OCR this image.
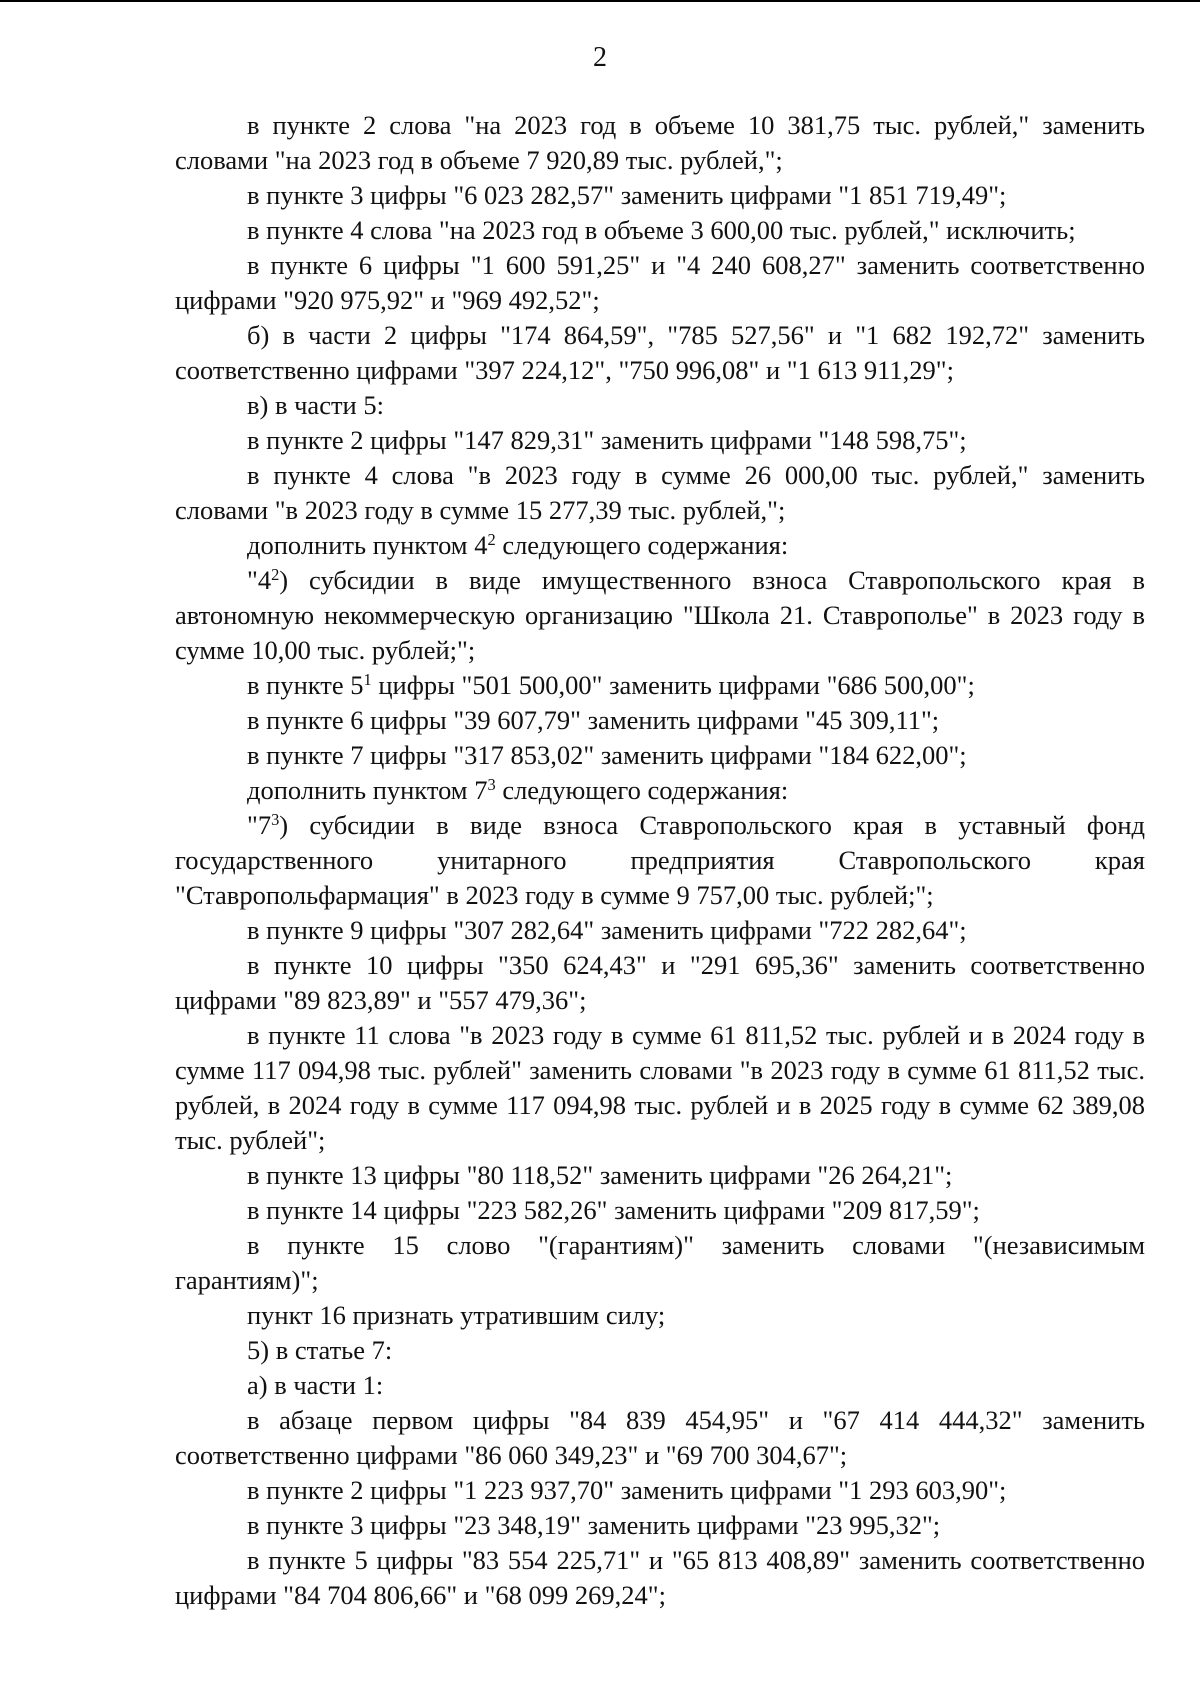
2

в пункте 2 слова "на 2023 год в объеме 10 381,75 тыс. рублей," заменить словами "на 2023 год в объеме 7 920,89 тыс. рублей,";

в пункте 3 цифры "6 023 282,57" заменить цифрами "1 851 719,49";

в пункте 4 слова "на 2023 год в объеме 3 600,00 тыс. рублей," исключить;

в пункте 6 цифры "1 600 591,25" и "4 240 608,27" заменить соответственно цифрами "920 975,92" и "969 492,52";

б) в части 2 цифры "174 864,59", "785 527,56" и "1 682 192,72" заменить соответственно цифрами "397 224,12", "750 996,08" и "1 613 911,29";

в) в части 5:

в пункте 2 цифры "147 829,31" заменить цифрами "148 598,75";

в пункте 4 слова "в 2023 году в сумме 26 000,00 тыс. рублей," заменить словами "в 2023 году в сумме 15 277,39 тыс. рублей,";

дополнить пунктом $4^2$ следующего содержания:

"$4^2$) субсидии в виде имущественного взноса Ставропольского края в автономную некоммерческую организацию "Школа 21. Ставрополье" в 2023 году в сумме 10,00 тыс. рублей;";

в пункте $5^1$ цифры "501 500,00" заменить цифрами "686 500,00";

в пункте 6 цифры "39 607,79" заменить цифрами "45 309,11";

в пункте 7 цифры "317 853,02" заменить цифрами "184 622,00";

дополнить пунктом $7^3$ следующего содержания:

"$7^3$) субсидии в виде взноса Ставропольского края в уставный фонд государственного унитарного предприятия Ставропольского края "Ставропольфармация" в 2023 году в сумме 9 757,00 тыс. рублей;";

в пункте 9 цифры "307 282,64" заменить цифрами "722 282,64";

в пункте 10 цифры "350 624,43" и "291 695,36" заменить соответственно цифрами "89 823,89" и "557 479,36";

в пункте 11 слова "в 2023 году в сумме 61 811,52 тыс. рублей и в 2024 году в сумме 117 094,98 тыс. рублей" заменить словами "в 2023 году в сумме 61 811,52 тыс. рублей, в 2024 году в сумме 117 094,98 тыс. рублей и в 2025 году в сумме 62 389,08 тыс. рублей";

в пункте 13 цифры "80 118,52" заменить цифрами "26 264,21";

в пункте 14 цифры "223 582,26" заменить цифрами "209 817,59";

в пункте 15 слово "(гарантиям)" заменить словами "(независимым гарантиям)";

пункт 16 признать утратившим силу;

5) в статье 7:

а) в части 1:

в абзаце первом цифры "84 839 454,95" и "67 414 444,32" заменить соответственно цифрами "86 060 349,23" и "69 700 304,67";

в пункте 2 цифры "1 223 937,70" заменить цифрами "1 293 603,90";

в пункте 3 цифры "23 348,19" заменить цифрами "23 995,32";

в пункте 5 цифры "83 554 225,71" и "65 813 408,89" заменить соответственно цифрами "84 704 806,66" и "68 099 269,24";
